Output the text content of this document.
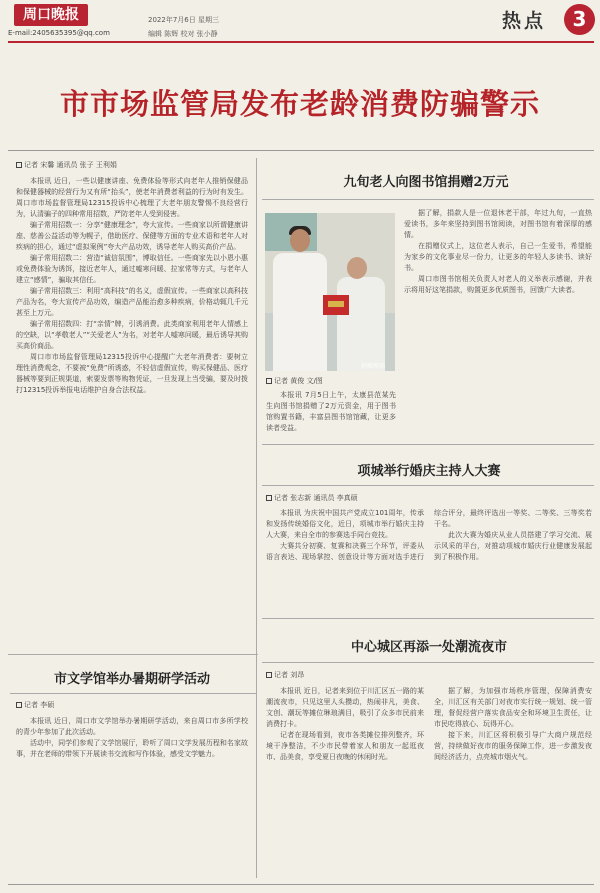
周口晚报
E-mail:2405635395@qq.com
2022年7月6日 星期三
编辑 陈辉 校对 张小静
热点	3
市市场监管局发布老龄消费防骗警示
记者 宋馨 通讯员 张子 王利娟

本报讯 近日，一些以健康讲座、免费体验等形式向老年人推销保健品和保健器械的经营行为又有所“抬头”，使老年消费者利益的行为时有发生。周口市市场监督管理局12315投诉中心梳理了大老年朋友警惕不良经营行为，认清骗子的四种常用招数，严防老年人受到侵害。

骗子常用招数一：分享“健康理念”，夸大宣传。一些商家以所谓健康讲座、慈善公益活动等为幌子，借助医疗、保健等方面的专业术语和老年人对疾病的担心，通过“虚拟案例”夸大产品功效，诱导老年人购买高价产品。

骗子常用招数二：营造“诚信氛围”，博取信任。一些商家先以小恩小惠或免费体验为诱饵，接近老年人，通过嘘寒问暖、拉家常等方式，与老年人建立“感情”，骗取其信任。

骗子常用招数三：利用“高科技”的名义，虚假宣传。一些商家以高科技产品为名，夸大宣传产品功效，编造产品能治愈多种疾病，价格动辄几千元甚至上万元。

骗子常用招数四：打“亲情”牌，引诱消费。此类商家利用老年人情感上的空缺，以“孝敬老人”“关爱老人”为名，对老年人嘘寒问暖，最后诱导其购买高价商品。

周口市市场监督管理局12315投诉中心提醒广大老年消费者：要树立理性消费观念，不要被“免费”所诱惑，不轻信虚假宣传，购买保健品、医疗器械等要到正规渠道，索要发票等购物凭证，一旦发现上当受骗，要及时拨打12315投诉举报电话维护自身合法权益。

九旬老人向图书馆捐赠2万元
捐赠现场
记者 黄俊 文/图

本报讯 7月5日上午，太康县范某先生向图书馆捐赠了2万元资金，用于图书馆购置书籍，丰富县图书馆馆藏，让更多读者受益。

据了解，捐款人是一位退休老干部，年过九旬，一直热爱读书，多年来坚持到图书馆阅读，对图书馆有着深厚的感情。

在捐赠仪式上，这位老人表示，自己一生爱书，希望能为家乡的文化事业尽一份力，让更多的年轻人多读书、读好书。

周口市图书馆相关负责人对老人的义举表示感谢，并表示将用好这笔捐款，购置更多优质图书，回馈广大读者。

项城举行婚庆主持人大赛
记者 张志新 通讯员 李真硕

本报讯 为庆祝中国共产党成立101周年，传承和发扬传统婚俗文化，近日，项城市举行婚庆主持人大赛，来自全市的参赛选手同台竞技。

大赛共分初赛、复赛和决赛三个环节，评委从语言表达、现场掌控、创意设计等方面对选手进行综合评分，最终评选出一等奖、二等奖、三等奖若干名。

此次大赛为婚庆从业人员搭建了学习交流、展示风采的平台，对推动项城市婚庆行业健康发展起到了积极作用。

中心城区再添一处潮流夜市
记者 刘昂

本报讯 近日，记者来到位于川汇区五一路的某潮流夜市，只见这里人头攒动，热闹非凡，美食、文创、潮玩等摊位琳琅满目，吸引了众多市民前来消费打卡。

记者在现场看到，夜市各类摊位排列整齐，环境干净整洁，不少市民带着家人和朋友一起逛夜市、品美食，享受夏日夜晚的休闲时光。

据了解，为加强市场秩序管理，保障消费安全，川汇区有关部门对夜市实行统一规划、统一管理，督促经营户落实食品安全和环境卫生责任，让市民吃得放心、玩得开心。

接下来，川汇区将积极引导广大商户规范经营，持续做好夜市的服务保障工作，进一步激发夜间经济活力，点亮城市烟火气。

市文学馆举办暑期研学活动
记者 李硕

本报讯 近日，周口市文学馆举办暑期研学活动，来自周口市多所学校的青少年参加了此次活动。

活动中，同学们参观了文学馆展厅，聆听了周口文学发展历程和名家故事，并在老师的带领下开展读书交流和写作体验，感受文学魅力。
